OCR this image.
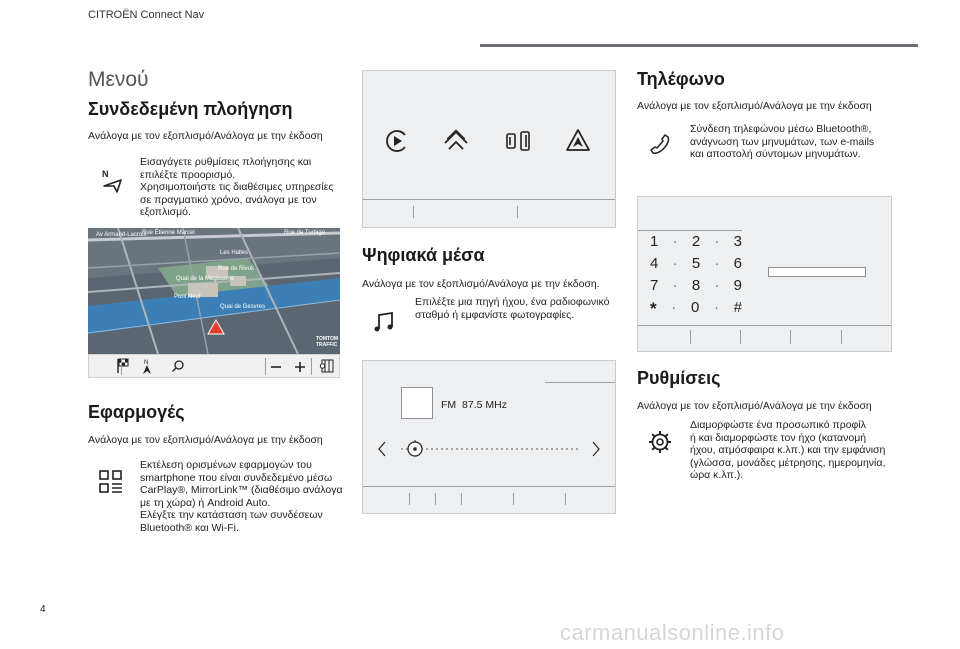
CITROËN Connect Nav
Μενού
Συνδεδεμένη πλοήγηση
Ανάλογα με τον εξοπλισμό/Ανάλογα με την έκδοση
N

Εισαγάγετε ρυθμίσεις πλοήγησης και

επιλέξτε προορισμό.

Χρησιμοποιήστε τις διαθέσιμες υπηρεσίες

σε πραγματικό χρόνο, ανάλογα με τον

εξοπλισμό.

Av Armand-Lacroix
Rue Étienne Marcel	Rue de Turbigo
Les Halles
Rue de Rivoli
Quai de la Mégisserie
Quai de Gesvres
Pont Neuf
TOMTOM TRAFFIC
N
Εφαρμογές
Ανάλογα με τον εξοπλισμό/Ανάλογα με την έκδοση

Εκτέλεση ορισμένων εφαρμογών του

smartphone που είναι συνδεδεμένο μέσω

CarPlay®, MirrorLink™ (διαθέσιμο ανάλογα

με τη χώρα) ή Android Auto.

Ελέγξτε την κατάσταση των συνδέσεων

Bluetooth® και Wi-Fi.

Ψηφιακά μέσα
Ανάλογα με τον εξοπλισμό/Ανάλογα με την έκδοση.

Επιλέξτε μια πηγή ήχου, ένα ραδιοφωνικό

σταθμό ή εμφανίστε φωτογραφίες.

FM 87.5 MHz
Τηλέφωνο
Ανάλογα με τον εξοπλισμό/Ανάλογα με την έκδοση

Σύνδεση τηλεφώνου μέσω Bluetooth®,

ανάγνωση των μηνυμάτων, των e-mails

και αποστολή σύντομων μηνυμάτων.

1 · 2 · 3
4 · 5 · 6
7 · 8 · 9
* · 0 · #
Ρυθμίσεις
Ανάλογα με τον εξοπλισμό/Ανάλογα με την έκδοση

Διαμορφώστε ένα προσωπικό προφίλ

ή και διαμορφώστε τον ήχο (κατανομή

ήχου, ατμόσφαιρα κ.λπ.) και την εμφάνιση

(γλώσσα, μονάδες μέτρησης, ημερομηνία,

ώρα κ.λπ.).

4
carmanualsonline.info
